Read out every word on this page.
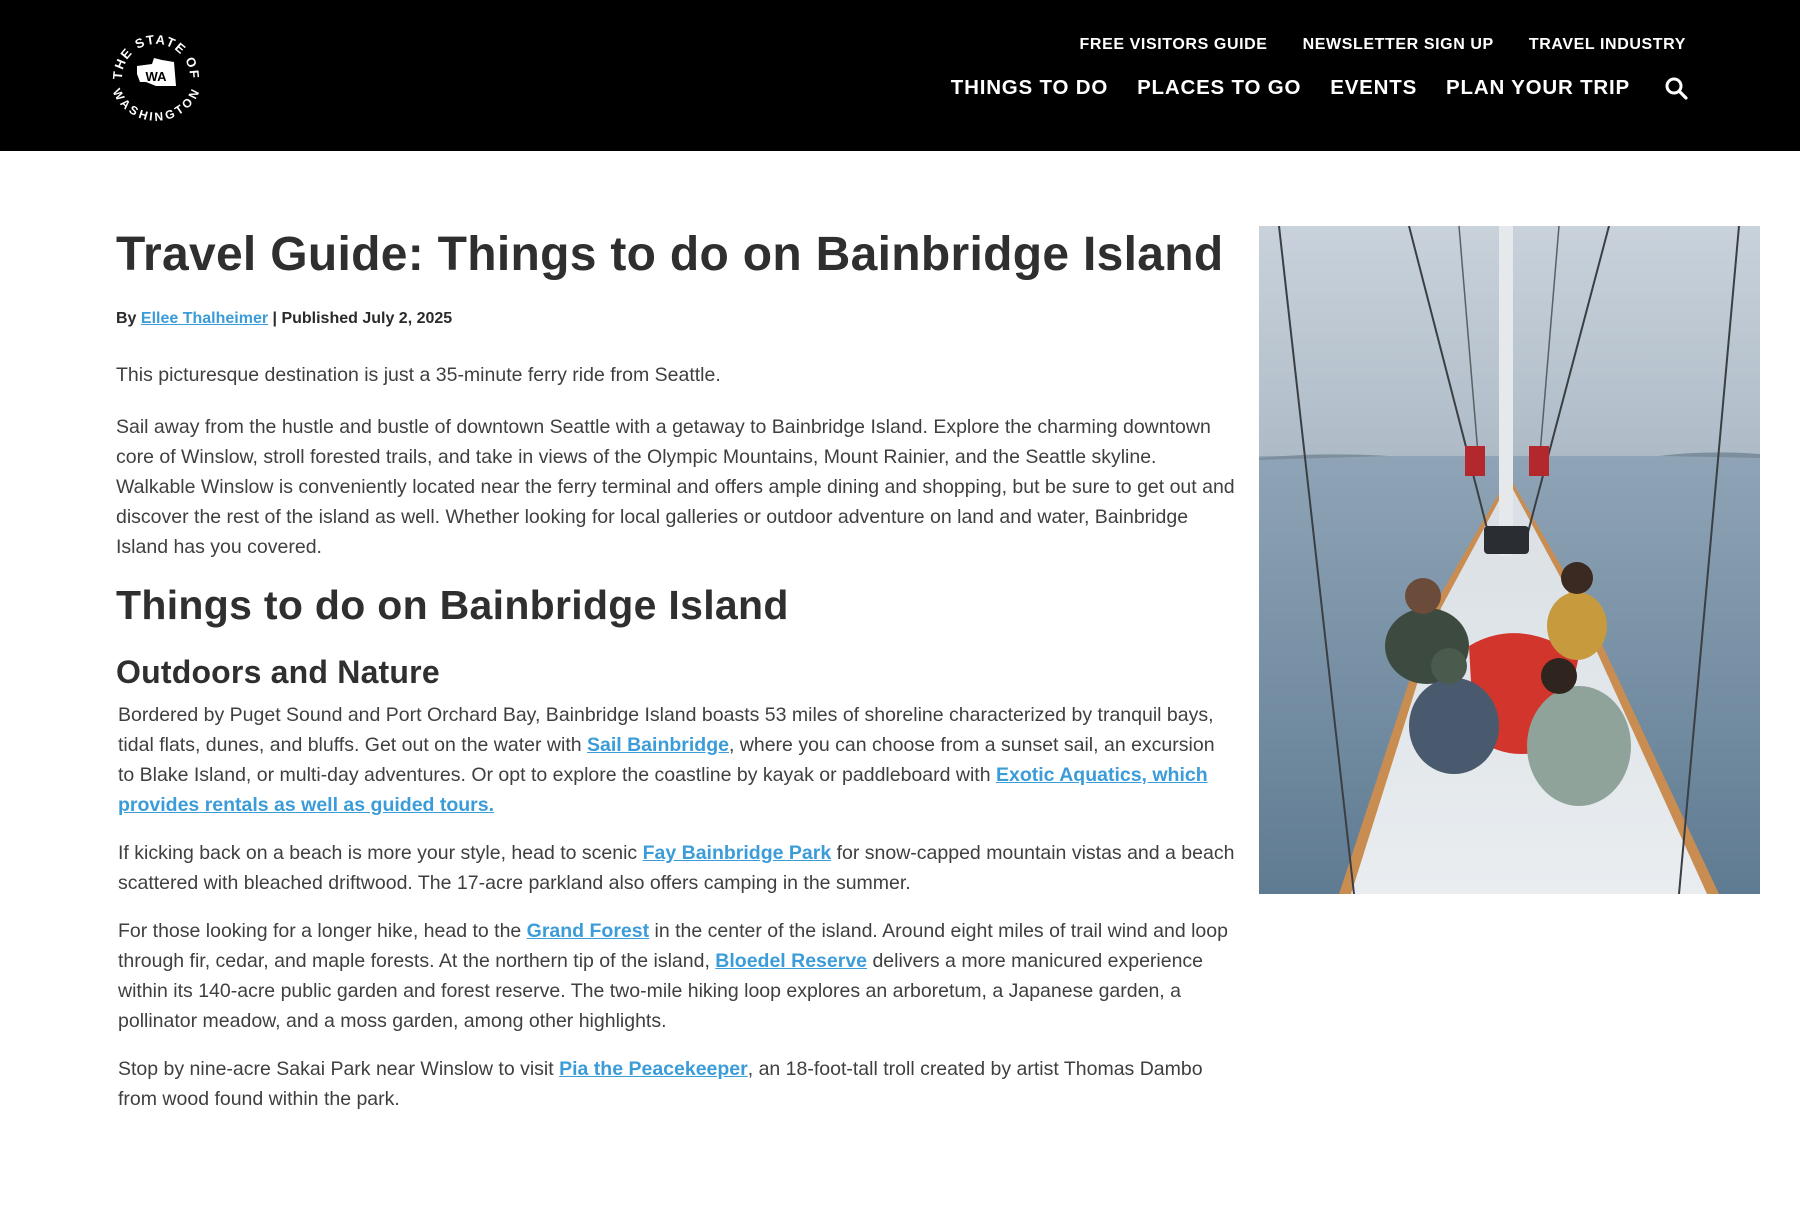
THE STATE OF
WASHINGTON
WA
FREE VISITORS GUIDE NEWSLETTER SIGN UP TRAVEL INDUSTRY
THINGS TO DO PLACES TO GO EVENTS PLAN YOUR TRIP
Travel Guide: Things to do on Bainbridge Island
By Ellee Thalheimer | Published July 2, 2025

This picturesque destination is just a 35-minute ferry ride from Seattle.

Sail away from the hustle and bustle of downtown Seattle with a getaway to Bainbridge Island. Explore the charming downtown core of Winslow, stroll forested trails, and take in views of the Olympic Mountains, Mount Rainier, and the Seattle skyline. Walkable Winslow is conveniently located near the ferry terminal and offers ample dining and shopping, but be sure to get out and discover the rest of the island as well. Whether looking for local galleries or outdoor adventure on land and water, Bainbridge Island has you covered.

Things to do on Bainbridge Island
Outdoors and Nature

Bordered by Puget Sound and Port Orchard Bay, Bainbridge Island boasts 53 miles of shoreline characterized by tranquil bays, tidal flats, dunes, and bluffs. Get out on the water with Sail Bainbridge, where you can choose from a sunset sail, an excursion to Blake Island, or multi-day adventures. Or opt to explore the coastline by kayak or paddleboard with Exotic Aquatics, which provides rentals as well as guided tours.

If kicking back on a beach is more your style, head to scenic Fay Bainbridge Park for snow-capped mountain vistas and a beach scattered with bleached driftwood. The 17-acre parkland also offers camping in the summer.

For those looking for a longer hike, head to the Grand Forest in the center of the island. Around eight miles of trail wind and loop through fir, cedar, and maple forests. At the northern tip of the island, Bloedel Reserve delivers a more manicured experience within its 140-acre public garden and forest reserve. The two-mile hiking loop explores an arboretum, a Japanese garden, a pollinator meadow, and a moss garden, among other highlights.

Stop by nine-acre Sakai Park near Winslow to visit Pia the Peacekeeper, an 18-foot-tall troll created by artist Thomas Dambo from wood found within the park.
